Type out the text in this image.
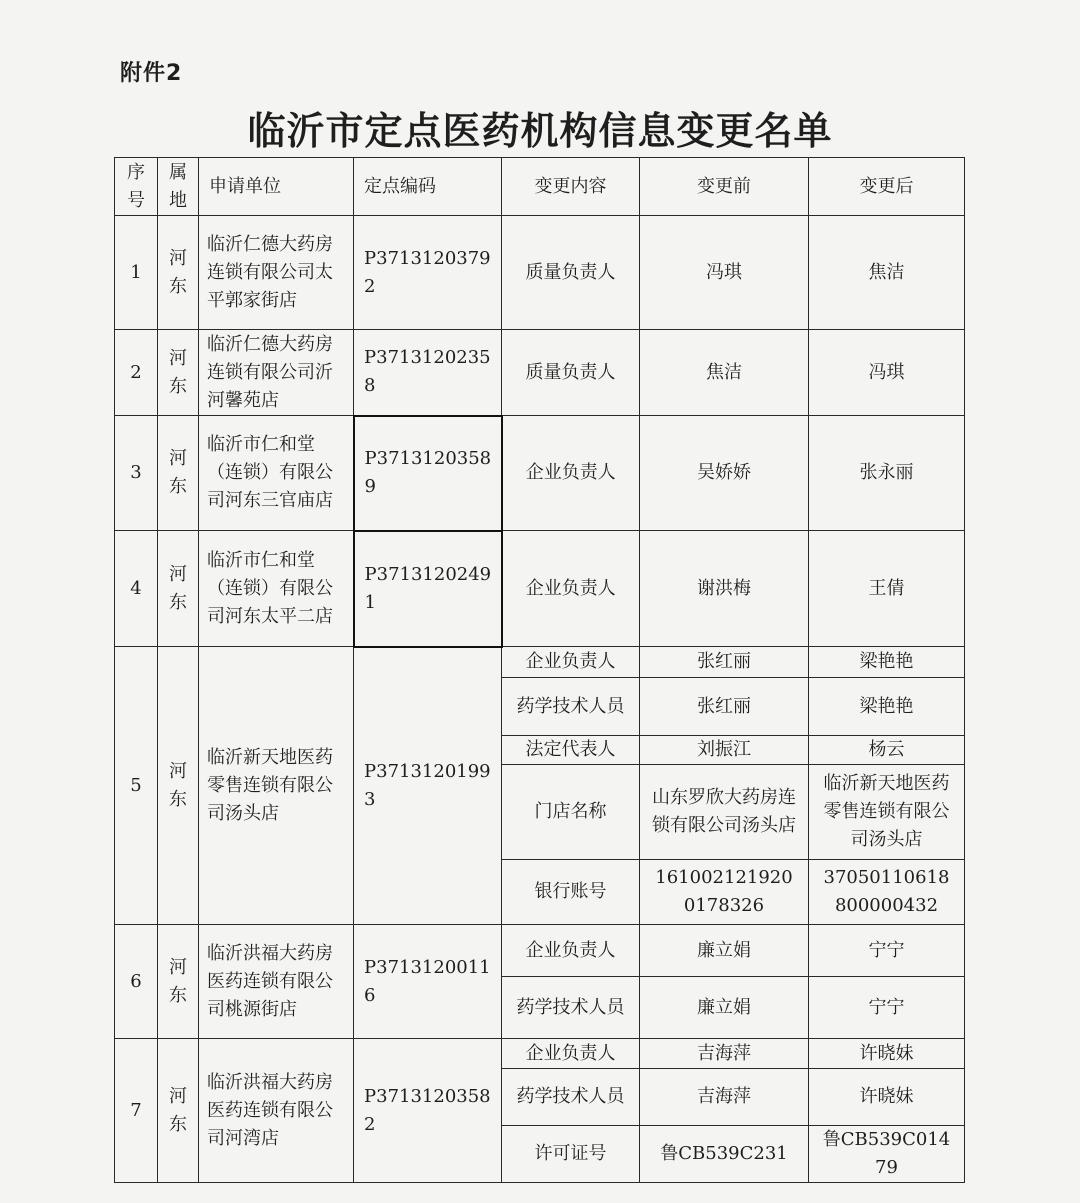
附件2
临沂市定点医药机构信息变更名单
序号	属地	申请单位	定点编码	变更内容	变更前	变更后
1	河东	临沂仁德大药房连锁有限公司太平郭家街店	P37131203792	质量负责人	冯琪	焦洁
2	河东	临沂仁德大药房连锁有限公司沂河馨苑店	P37131202358	质量负责人	焦洁	冯琪
3	河东	临沂市仁和堂（连锁）有限公司河东三官庙店	P37131203589	企业负责人	吴娇娇	张永丽
4	河东	临沂市仁和堂（连锁）有限公司河东太平二店	P37131202491	企业负责人	谢洪梅	王倩
5	河东	临沂新天地医药零售连锁有限公司汤头店	P37131201993	企业负责人	张红丽	梁艳艳
				药学技术人员	张红丽	梁艳艳
				法定代表人	刘振江	杨云
				门店名称	山东罗欣大药房连锁有限公司汤头店	临沂新天地医药零售连锁有限公司汤头店
				银行账号	1610021219200178326	37050110618800000432
6	河东	临沂洪福大药房医药连锁有限公司桃源街店	P37131200116	企业负责人	廉立娟	宁宁
				药学技术人员	廉立娟	宁宁
7	河东	临沂洪福大药房医药连锁有限公司河湾店	P37131203582	企业负责人	吉海萍	许晓妹
				药学技术人员	吉海萍	许晓妹
				许可证号	鲁CB539C231	鲁CB539C01479
